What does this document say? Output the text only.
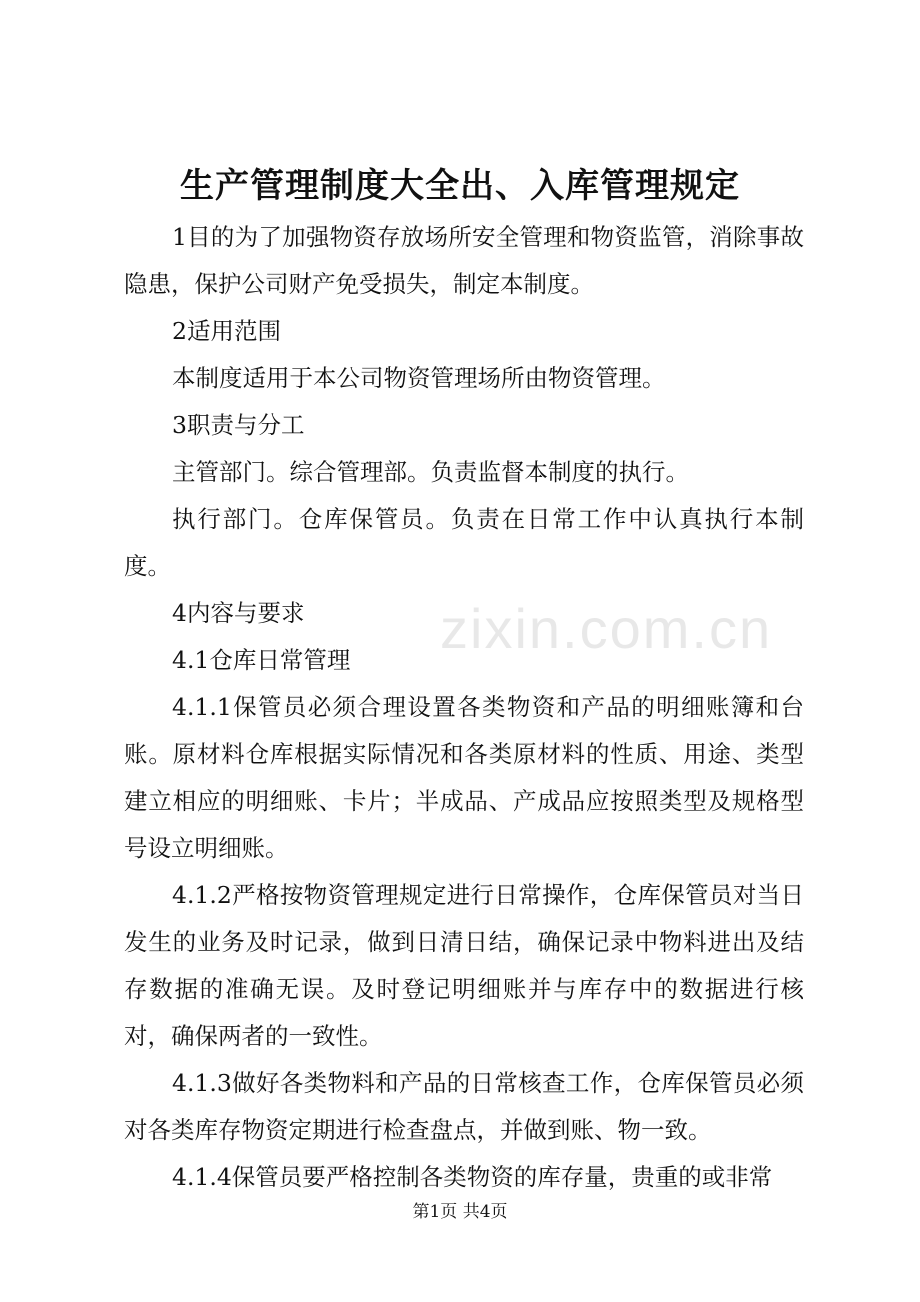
生产管理制度大全出、入库管理规定

1目的为了加强物资存放场所安全管理和物资监管，消除事故隐患，保护公司财产免受损失，制定本制度。

2适用范围

本制度适用于本公司物资管理场所由物资管理。

3职责与分工

主管部门。综合管理部。负责监督本制度的执行。

执行部门。仓库保管员。负责在日常工作中认真执行本制度。

4内容与要求

4.1仓库日常管理

4.1.1保管员必须合理设置各类物资和产品的明细账簿和台账。原材料仓库根据实际情况和各类原材料的性质、用途、类型建立相应的明细账、卡片；半成品、产成品应按照类型及规格型号设立明细账。

4.1.2严格按物资管理规定进行日常操作，仓库保管员对当日发生的业务及时记录，做到日清日结，确保记录中物料进出及结存数据的准确无误。及时登记明细账并与库存中的数据进行核对，确保两者的一致性。

4.1.3做好各类物料和产品的日常核查工作，仓库保管员必须对各类库存物资定期进行检查盘点，并做到账、物一致。

4.1.4保管员要严格控制各类物资的库存量，贵重的或非常

zixin.com.cn
第1页 共4页
